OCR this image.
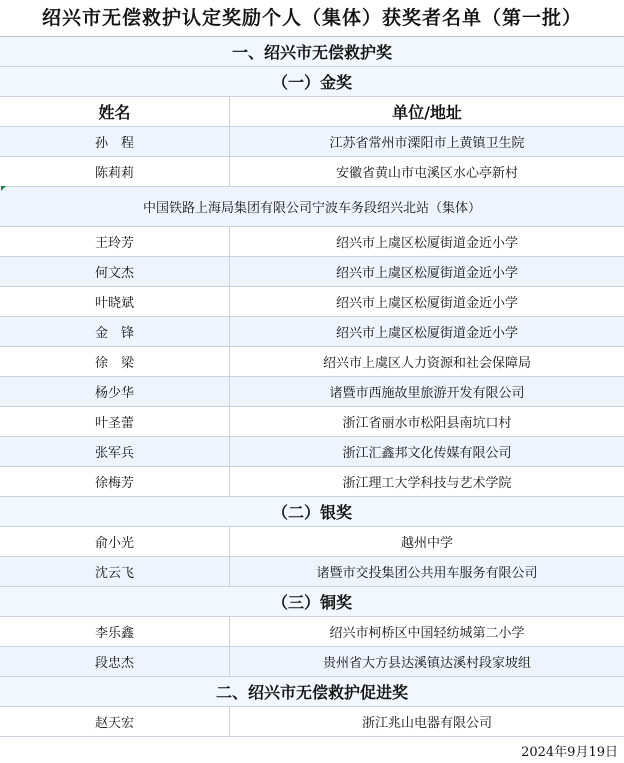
绍兴市无偿救护认定奖励个人（集体）获奖者名单（第一批）
一、绍兴市无偿救护奖
（一）金奖
姓名	单位/地址
孙　程	江苏省常州市溧阳市上黄镇卫生院
陈莉莉	安徽省黄山市屯溪区水心亭新村
中国铁路上海局集团有限公司宁波车务段绍兴北站（集体）
王玲芳	绍兴市上虞区松厦街道金近小学
何文杰	绍兴市上虞区松厦街道金近小学
叶晓斌	绍兴市上虞区松厦街道金近小学
金　锋	绍兴市上虞区松厦街道金近小学
徐　梁	绍兴市上虞区人力资源和社会保障局
杨少华	诸暨市西施故里旅游开发有限公司
叶圣蕾	浙江省丽水市松阳县南坑口村
张军兵	浙江汇鑫邦文化传媒有限公司
徐梅芳	浙江理工大学科技与艺术学院
（二）银奖
俞小光	越州中学
沈云飞	诸暨市交投集团公共用车服务有限公司
（三）铜奖
李乐鑫	绍兴市柯桥区中国轻纺城第二小学
段忠杰	贵州省大方县达溪镇达溪村段家坡组
二、绍兴市无偿救护促进奖
赵天宏	浙江兆山电器有限公司
2024年9月19日
